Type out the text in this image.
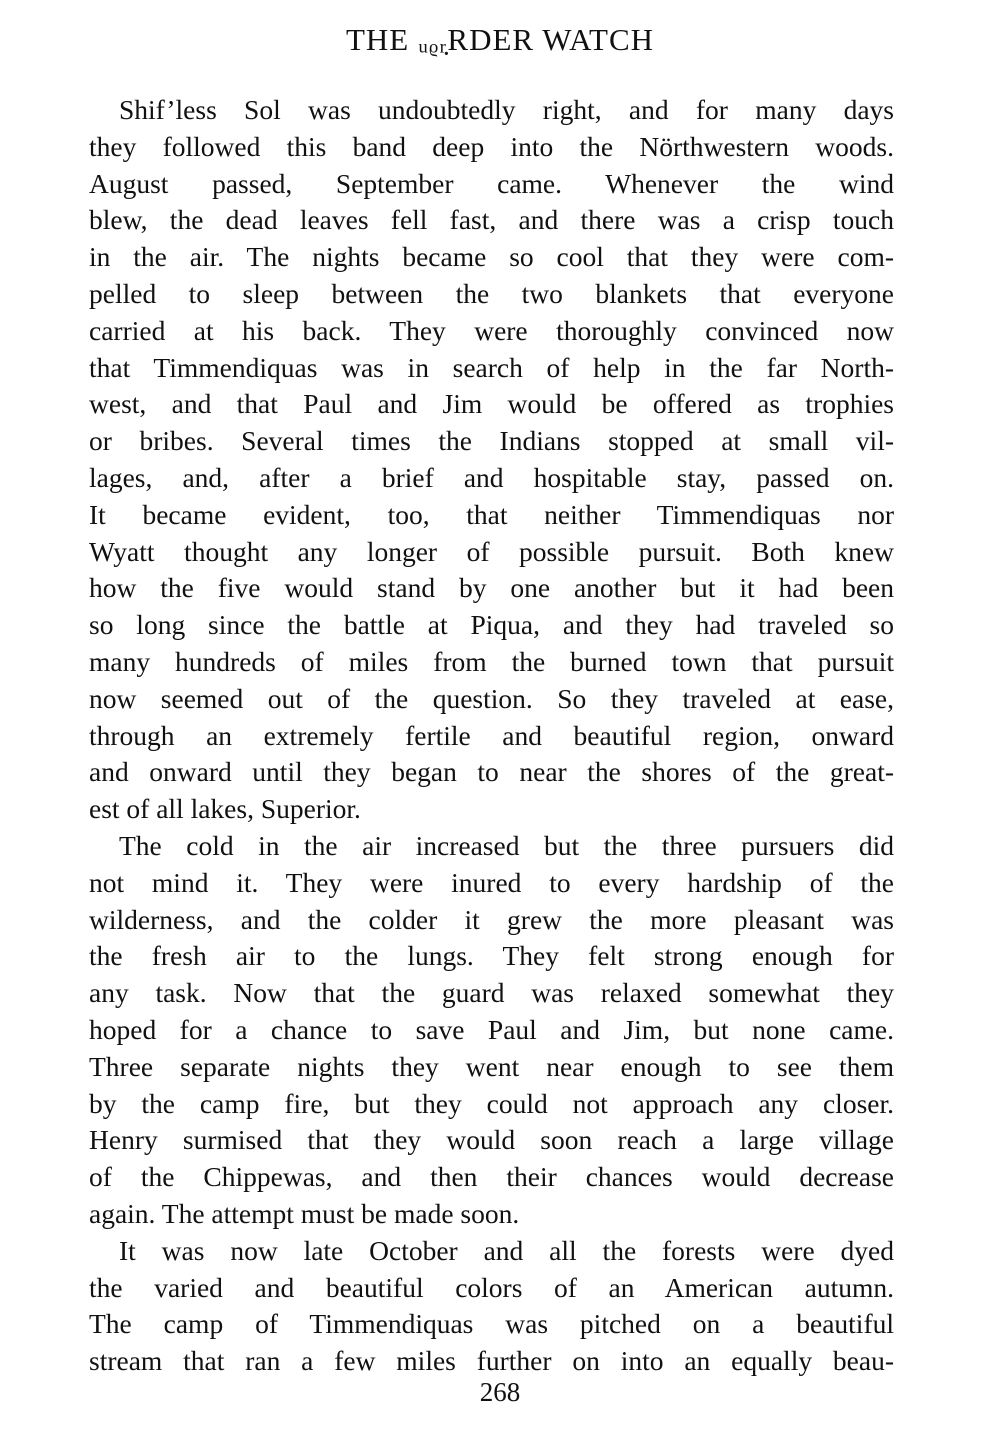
THE ᵤᵨᵣ̣RDER WATCH

Shif’less Sol was undoubtedly right, and for many days
they followed this band deep into the Nörthwestern woods.
August passed, September came. Whenever the wind
blew, the dead leaves fell fast, and there was a crisp touch
in the air. The nights became so cool that they were com-
pelled to sleep between the two blankets that everyone
carried at his back. They were thoroughly convinced now
that Timmendiquas was in search of help in the far North-
west, and that Paul and Jim would be offered as trophies
or bribes. Several times the Indians stopped at small vil-
lages, and, after a brief and hospitable stay, passed on.
It became evident, too, that neither Timmendiquas nor
Wyatt thought any longer of possible pursuit. Both knew
how the five would stand by one another but it had been
so long since the battle at Piqua, and they had traveled so
many hundreds of miles from the burned town that pursuit
now seemed out of the question. So they traveled at ease,
through an extremely fertile and beautiful region, onward
and onward until they began to near the shores of the great-
est of all lakes, Superior.

The cold in the air increased but the three pursuers did
not mind it. They were inured to every hardship of the
wilderness, and the colder it grew the more pleasant was
the fresh air to the lungs. They felt strong enough for
any task. Now that the guard was relaxed somewhat they
hoped for a chance to save Paul and Jim, but none came.
Three separate nights they went near enough to see them
by the camp fire, but they could not approach any closer.
Henry surmised that they would soon reach a large village
of the Chippewas, and then their chances would decrease
again. The attempt must be made soon.

It was now late October and all the forests were dyed
the varied and beautiful colors of an American autumn.
The camp of Timmendiquas was pitched on a beautiful
stream that ran a few miles further on into an equally beau-

268
